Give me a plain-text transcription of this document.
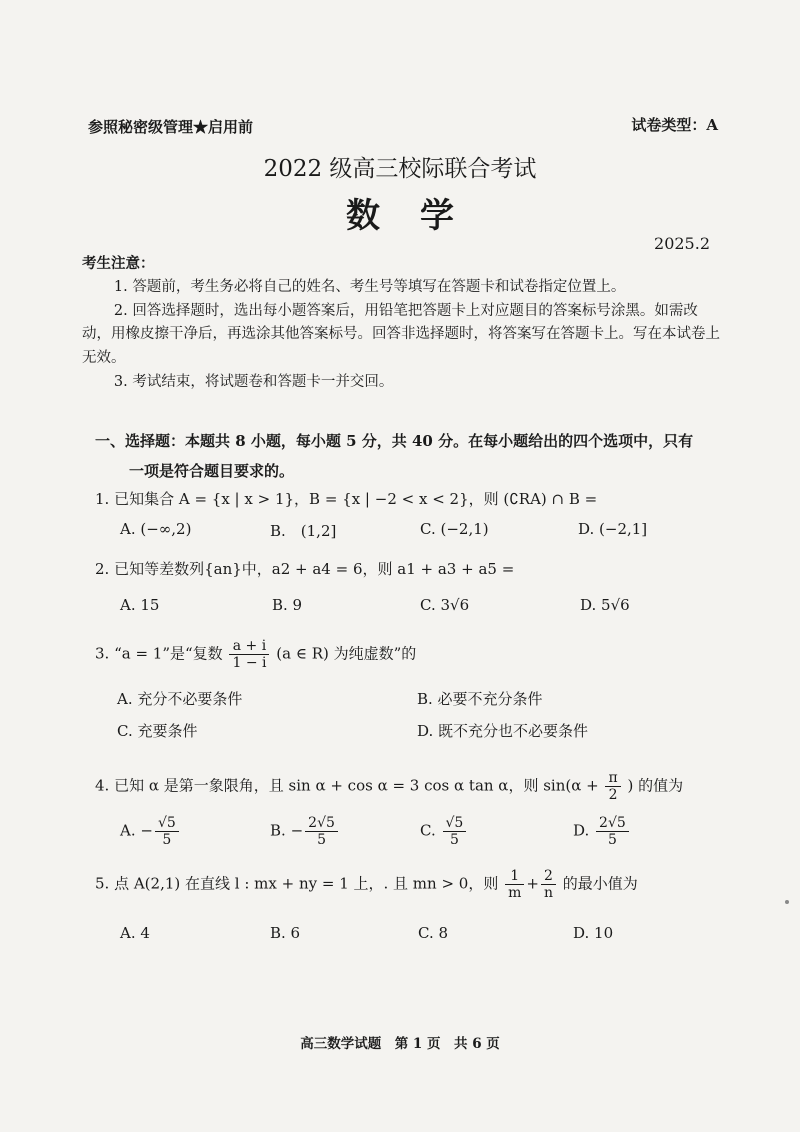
参照秘密级管理★启用前	试卷类型：A
2022 级高三校际联合考试
数学
2025.2
考生注意：
1. 答题前，考生务必将自己的姓名、考生号等填写在答题卡和试卷指定位置上。
2. 回答选择题时，选出每小题答案后，用铅笔把答题卡上对应题目的答案标号涂黑。如需改动，用橡皮擦干净后，再选涂其他答案标号。回答非选择题时，将答案写在答题卡上。写在本试卷上无效。
3. 考试结束，将试题卷和答题卡一并交回。
一、选择题：本题共 8 小题，每小题 5 分，共 40 分。在每小题给出的四个选项中，只有
一项是符合题目要求的。
1. 已知集合 A = {x | x > 1}，B = {x | −2 < x < 2}，则 (∁RA) ∩ B =
A. (−∞,2)	B.　(1,2]	C. (−2,1)	D. (−2,1]
2. 已知等差数列{an}中，a2 + a4 = 6，则 a1 + a3 + a5 =
A. 15	B. 9	C. 3√6	D. 5√6
3. “a = 1”是“复数 $\frac{a + i}{1 - i} (a$ ∈ R) 为纯虚数”的
A. 充分不必要条件	B. 必要不充分条件
C. 充要条件	D. 既不充分也不必要条件
4. 已知 α 是第一象限角，且 sin α + cos α = 3 cos α tan α，则 $\sin(\alpha + \frac{\pi}{2}$ ) 的值为
A. − $\frac{√5}{5}$	B. − $\frac{2√5}{5}$	C. $\frac{√5}{5}$	D. $\frac{2√5}{5}$
5. 点 A(2,1) 在直线 l : mx + ny = 1 上，. 且 mn > 0，则 $\frac{1}{m} + \frac{2}{n}$ 的最小值为
A. 4	B. 6	C. 8	D. 10
高三数学试题　第 1 页　共 6 页
